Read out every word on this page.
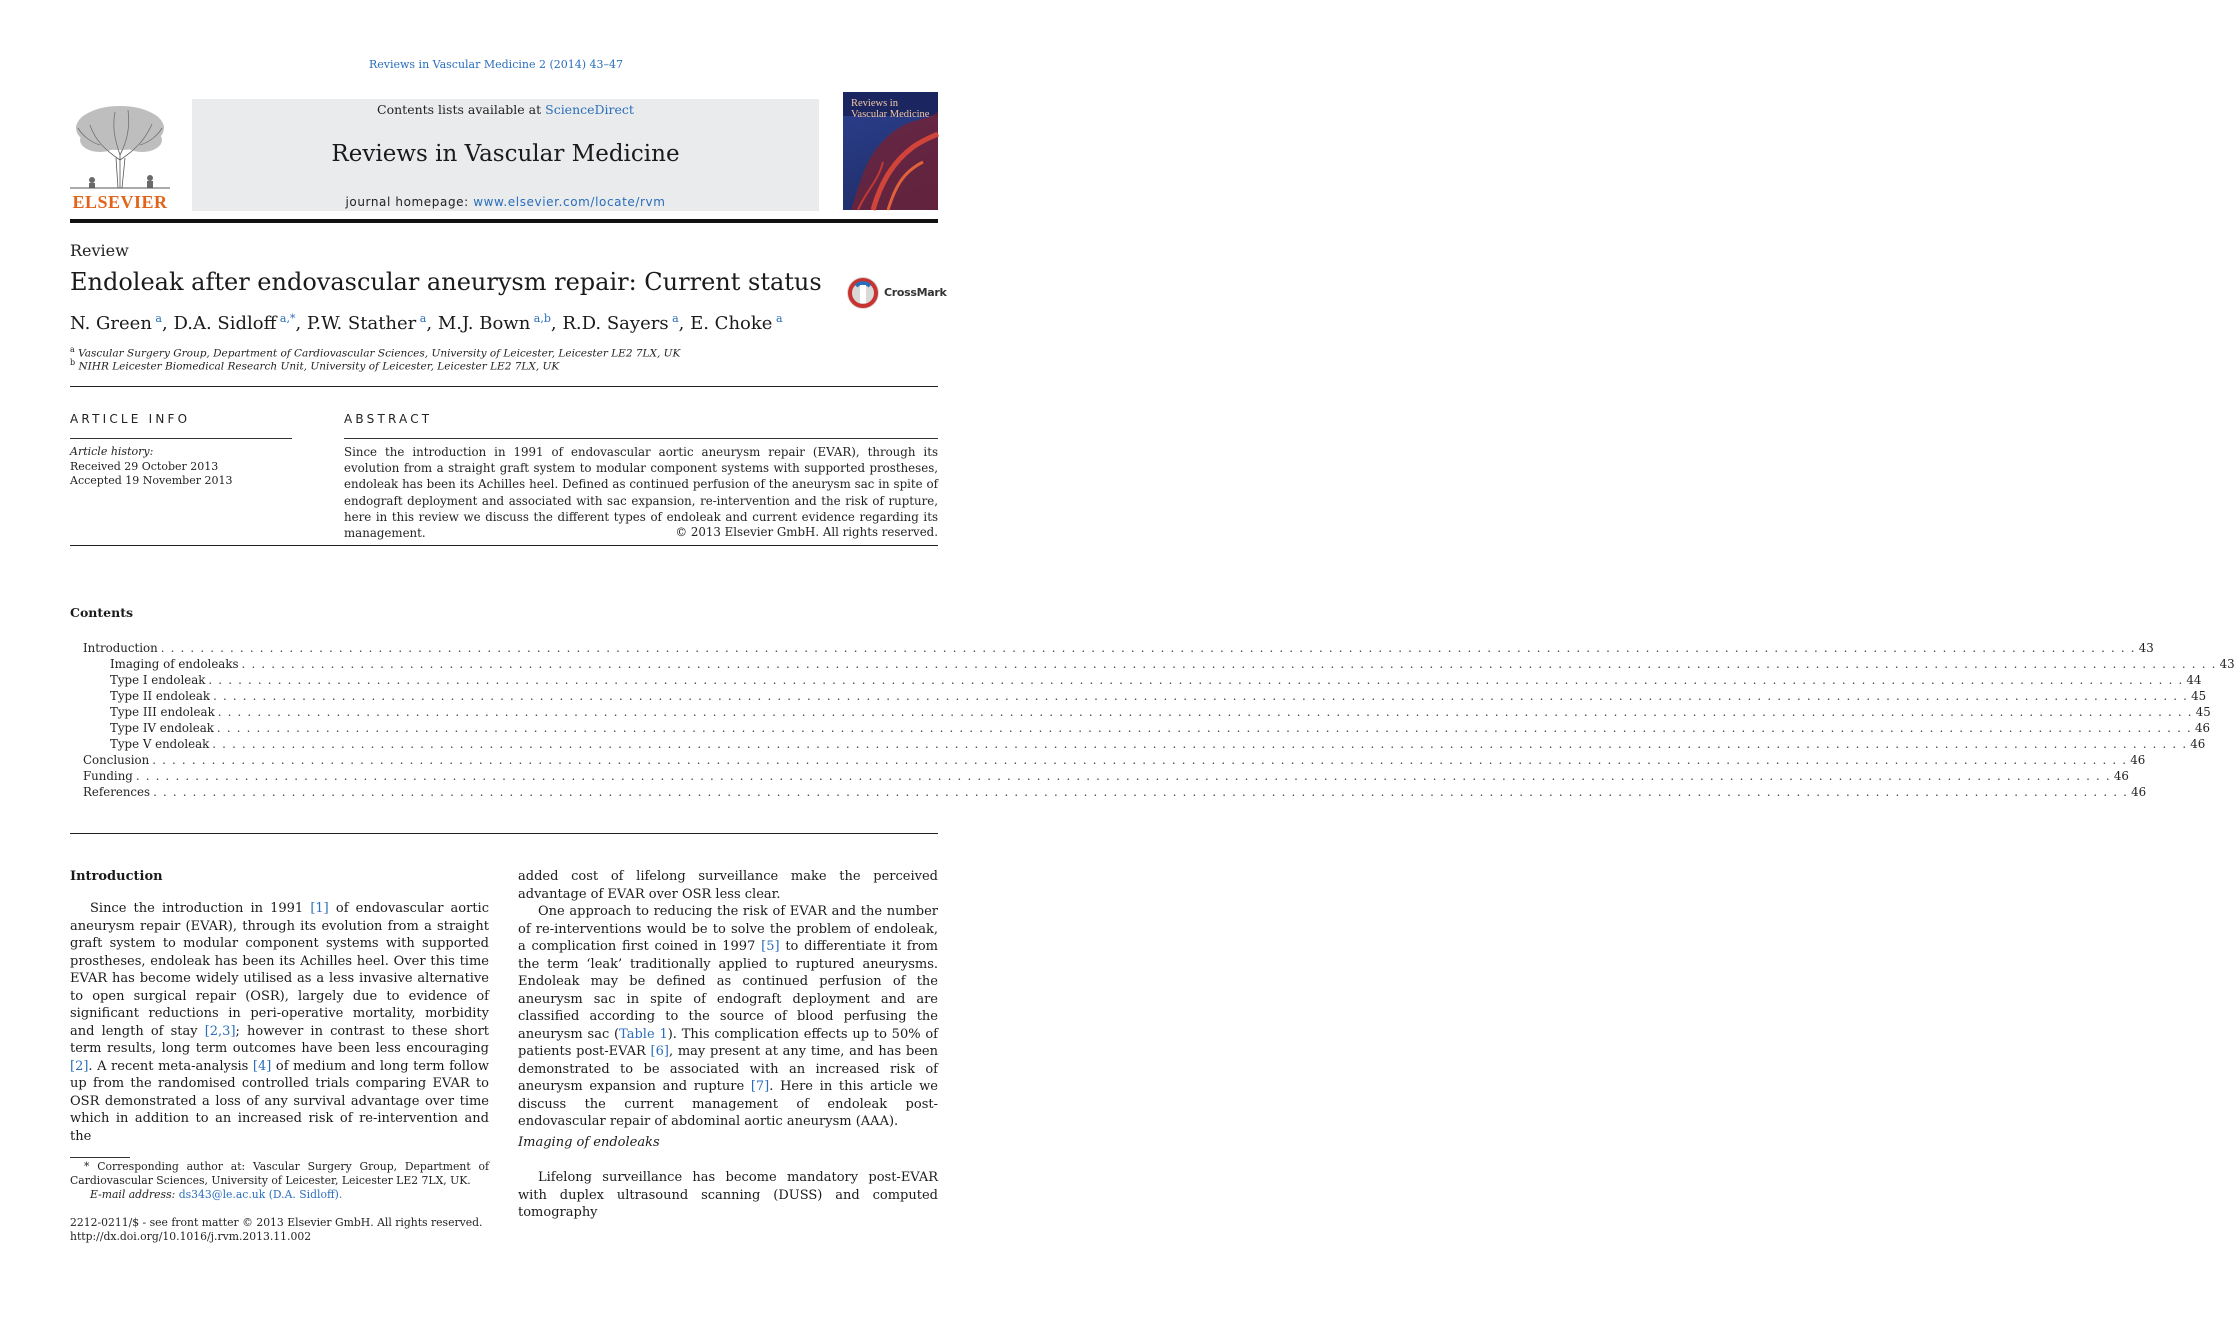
Reviews in Vascular Medicine 2 (2014) 43–47
ELSEVIER
Contents lists available at ScienceDirect
Reviews in Vascular Medicine
journal homepage: www.elsevier.com/locate/rvm
Reviews in
Vascular Medicine
Review
Endoleak after endovascular aneurysm repair: Current status	CrossMark
N. Green $^a$, D.A. Sidloff $^{a,*}$, P.W. Stather $^a$, M.J. Bown $^{a,b}$, R.D. Sayers $^a$, E. Choke $^a$
$^a$ Vascular Surgery Group, Department of Cardiovascular Sciences, University of Leicester, Leicester LE2 7LX, UK
$^b$ NIHR Leicester Biomedical Research Unit, University of Leicester, Leicester LE2 7LX, UK
ARTICLE INFO
Article history:
Received 29 October 2013
Accepted 19 November 2013
ABSTRACT
Since the introduction in 1991 of endovascular aortic aneurysm repair (EVAR), through its evolution from a straight graft system to modular component systems with supported prostheses, endoleak has been its Achilles heel. Defined as continued perfusion of the aneurysm sac in spite of endograft deployment and associated with sac expansion, re-intervention and the risk of rupture, here in this review we discuss the different types of endoleak and current evidence regarding its management.	© 2013 Elsevier GmbH. All rights reserved.
Contents
Introduction . . . . . . . . . . . . . . . . . . . . . . . . . . . . . . . . . . . . . . . . . . . . . . . . . . . . . . . . . . . . . . . . . . . . . . . . . . . . . . . . . . . . . . . . . . . . . . . . . . . . . . . . . . . . . . . . . . . . . . . . . . . . . . . . . . . . . . . . . . . . . . . . . . . . . . . . . . . . . . . . . . . . . . . . . . . . . . . . . . . . . . . . . . . . . . . . . . . . . . . . 43
Imaging of endoleaks . . . . . . . . . . . . . . . . . . . . . . . . . . . . . . . . . . . . . . . . . . . . . . . . . . . . . . . . . . . . . . . . . . . . . . . . . . . . . . . . . . . . . . . . . . . . . . . . . . . . . . . . . . . . . . . . . . . . . . . . . . . . . . . . . . . . . . . . . . . . . . . . . . . . . . . . . . . . . . . . . . . . . . . . . . . . . . . . . . . . . . . . . . . . . . . . . . . . . . . . 43
Type I endoleak . . . . . . . . . . . . . . . . . . . . . . . . . . . . . . . . . . . . . . . . . . . . . . . . . . . . . . . . . . . . . . . . . . . . . . . . . . . . . . . . . . . . . . . . . . . . . . . . . . . . . . . . . . . . . . . . . . . . . . . . . . . . . . . . . . . . . . . . . . . . . . . . . . . . . . . . . . . . . . . . . . . . . . . . . . . . . . . . . . . . . . . . . . . . . . . . . . . . . . . . 44
Type II endoleak . . . . . . . . . . . . . . . . . . . . . . . . . . . . . . . . . . . . . . . . . . . . . . . . . . . . . . . . . . . . . . . . . . . . . . . . . . . . . . . . . . . . . . . . . . . . . . . . . . . . . . . . . . . . . . . . . . . . . . . . . . . . . . . . . . . . . . . . . . . . . . . . . . . . . . . . . . . . . . . . . . . . . . . . . . . . . . . . . . . . . . . . . . . . . . . . . . . . . . . . 45
Type III endoleak . . . . . . . . . . . . . . . . . . . . . . . . . . . . . . . . . . . . . . . . . . . . . . . . . . . . . . . . . . . . . . . . . . . . . . . . . . . . . . . . . . . . . . . . . . . . . . . . . . . . . . . . . . . . . . . . . . . . . . . . . . . . . . . . . . . . . . . . . . . . . . . . . . . . . . . . . . . . . . . . . . . . . . . . . . . . . . . . . . . . . . . . . . . . . . . . . . . . . . . . 45
Type IV endoleak . . . . . . . . . . . . . . . . . . . . . . . . . . . . . . . . . . . . . . . . . . . . . . . . . . . . . . . . . . . . . . . . . . . . . . . . . . . . . . . . . . . . . . . . . . . . . . . . . . . . . . . . . . . . . . . . . . . . . . . . . . . . . . . . . . . . . . . . . . . . . . . . . . . . . . . . . . . . . . . . . . . . . . . . . . . . . . . . . . . . . . . . . . . . . . . . . . . . . . . . 46
Type V endoleak . . . . . . . . . . . . . . . . . . . . . . . . . . . . . . . . . . . . . . . . . . . . . . . . . . . . . . . . . . . . . . . . . . . . . . . . . . . . . . . . . . . . . . . . . . . . . . . . . . . . . . . . . . . . . . . . . . . . . . . . . . . . . . . . . . . . . . . . . . . . . . . . . . . . . . . . . . . . . . . . . . . . . . . . . . . . . . . . . . . . . . . . . . . . . . . . . . . . . . . . 46
Conclusion . . . . . . . . . . . . . . . . . . . . . . . . . . . . . . . . . . . . . . . . . . . . . . . . . . . . . . . . . . . . . . . . . . . . . . . . . . . . . . . . . . . . . . . . . . . . . . . . . . . . . . . . . . . . . . . . . . . . . . . . . . . . . . . . . . . . . . . . . . . . . . . . . . . . . . . . . . . . . . . . . . . . . . . . . . . . . . . . . . . . . . . . . . . . . . . . . . . . . . . . 46
Funding . . . . . . . . . . . . . . . . . . . . . . . . . . . . . . . . . . . . . . . . . . . . . . . . . . . . . . . . . . . . . . . . . . . . . . . . . . . . . . . . . . . . . . . . . . . . . . . . . . . . . . . . . . . . . . . . . . . . . . . . . . . . . . . . . . . . . . . . . . . . . . . . . . . . . . . . . . . . . . . . . . . . . . . . . . . . . . . . . . . . . . . . . . . . . . . . . . . . . . . . 46
References . . . . . . . . . . . . . . . . . . . . . . . . . . . . . . . . . . . . . . . . . . . . . . . . . . . . . . . . . . . . . . . . . . . . . . . . . . . . . . . . . . . . . . . . . . . . . . . . . . . . . . . . . . . . . . . . . . . . . . . . . . . . . . . . . . . . . . . . . . . . . . . . . . . . . . . . . . . . . . . . . . . . . . . . . . . . . . . . . . . . . . . . . . . . . . . . . . . . . . . . 46
Introduction

Since the introduction in 1991 [1] of endovascular aortic aneurysm repair (EVAR), through its evolution from a straight graft system to modular component systems with supported prostheses, endoleak has been its Achilles heel. Over this time EVAR has become widely utilised as a less invasive alternative to open surgical repair (OSR), largely due to evidence of significant reductions in peri-operative mortality, morbidity and length of stay [2,3]; however in contrast to these short term results, long term outcomes have been less encouraging [2]. A recent meta-analysis [4] of medium and long term follow up from the randomised controlled trials comparing EVAR to OSR demonstrated a loss of any survival advantage over time which in addition to an increased risk of re-intervention and the

* Corresponding author at: Vascular Surgery Group, Department of Cardiovascular Sciences, University of Leicester, Leicester LE2 7LX, UK.
E-mail address: ds343@le.ac.uk (D.A. Sidloff).
2212-0211/$ - see front matter © 2013 Elsevier GmbH. All rights reserved.
http://dx.doi.org/10.1016/j.rvm.2013.11.002
added cost of lifelong surveillance make the perceived advantage of EVAR over OSR less clear.

One approach to reducing the risk of EVAR and the number of re-interventions would be to solve the problem of endoleak, a complication first coined in 1997 [5] to differentiate it from the term ‘leak’ traditionally applied to ruptured aneurysms. Endoleak may be defined as continued perfusion of the aneurysm sac in spite of endograft deployment and are classified according to the source of blood perfusing the aneurysm sac (Table 1). This complication effects up to 50% of patients post-EVAR [6], may present at any time, and has been demonstrated to be associated with an increased risk of aneurysm expansion and rupture [7]. Here in this article we discuss the current management of endoleak post-endovascular repair of abdominal aortic aneurysm (AAA).

Imaging of endoleaks

Lifelong surveillance has become mandatory post-EVAR with duplex ultrasound scanning (DUSS) and computed tomography
